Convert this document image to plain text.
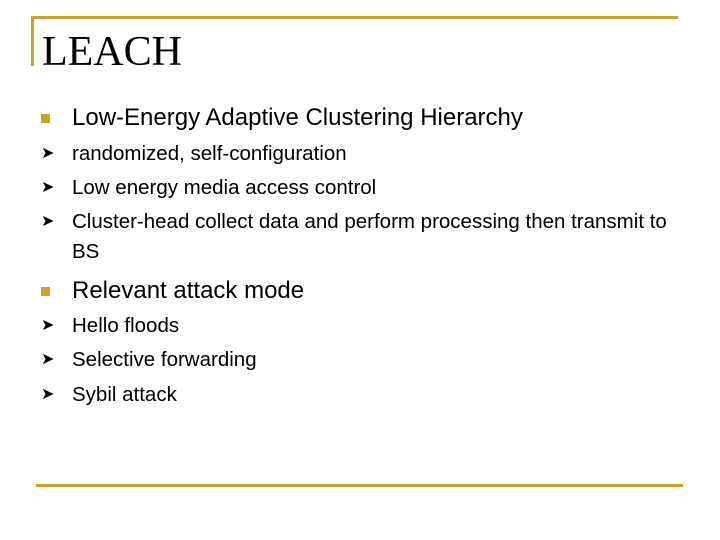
LEACH
Low-Energy Adaptive Clustering Hierarchy
➤ randomized, self-configuration
➤ Low energy media access control
➤ Cluster-head collect data and perform processing then transmit to BS
Relevant attack mode
➤ Hello floods
➤ Selective forwarding
➤ Sybil attack
